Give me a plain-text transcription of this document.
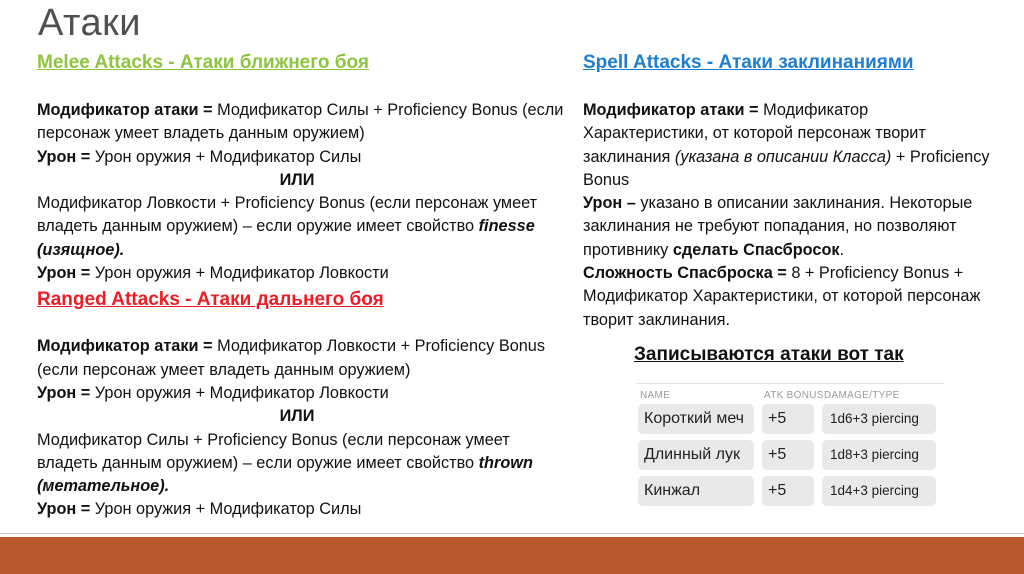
Атаки
Melee Attacks - Атаки ближнего боя
Модификатор атаки = Модификатор Силы + Proficiency Bonus (если персонаж умеет владеть данным оружием)
Урон = Урон оружия + Модификатор Силы
ИЛИ
Модификатор Ловкости + Proficiency Bonus (если персонаж умеет владеть данным оружием) – если оружие имеет свойство finesse (изящное).
Урон = Урон оружия + Модификатор Ловкости
Ranged Attacks - Атаки дальнего боя
Модификатор атаки = Модификатор Ловкости + Proficiency Bonus (если персонаж умеет владеть данным оружием)
Урон = Урон оружия + Модификатор Ловкости
ИЛИ
Модификатор Силы + Proficiency Bonus (если персонаж умеет владеть данным оружием) – если оружие имеет свойство thrown (метательное).
Урон = Урон оружия + Модификатор Силы
Spell Attacks - Атаки заклинаниями
Модификатор атаки = Модификатор Характеристики, от которой персонаж творит заклинания (указана в описании Класса) + Proficiency Bonus
Урон – указано в описании заклинания. Некоторые заклинания не требуют попадания, но позволяют противнику сделать Спасбросок.
Сложность Спасброска = 8 + Proficiency Bonus + Модификатор Характеристики, от которой персонаж творит заклинания.
Записываются атаки вот так
NAME	ATK BONUS DAMAGE/TYPE
Короткий меч	+5	1d6+3 piercing
Длинный лук	+5	1d8+3 piercing
Кинжал	+5	1d4+3 piercing
